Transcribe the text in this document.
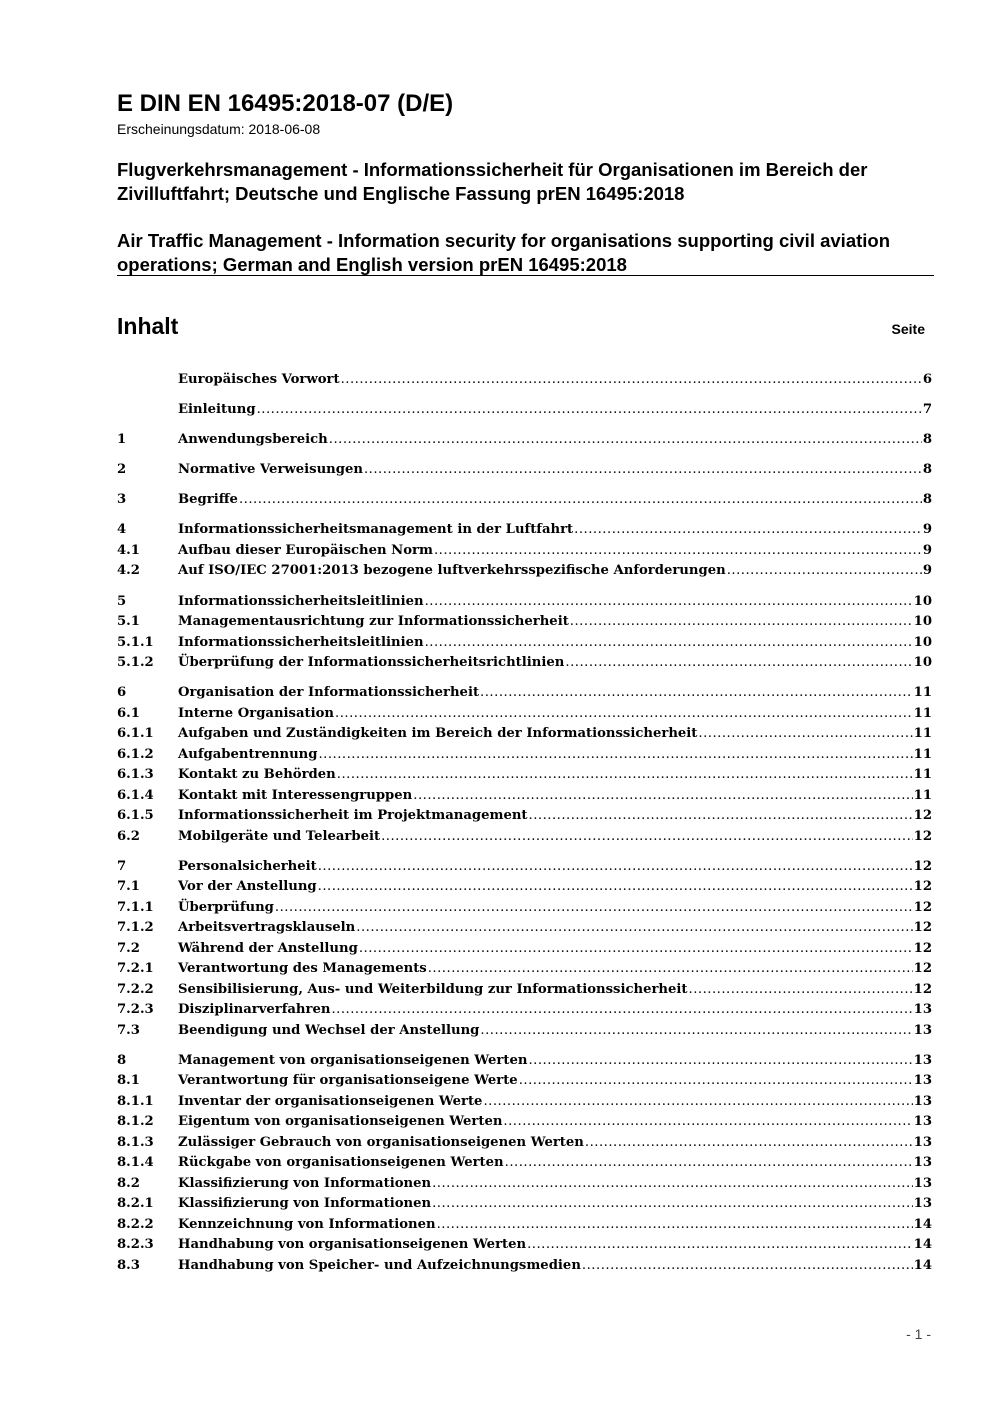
E DIN EN 16495:2018-07 (D/E)
Erscheinungsdatum: 2018-06-08
Flugverkehrsmanagement - Informationssicherheit für Organisationen im Bereich der Zivilluftfahrt; Deutsche und Englische Fassung prEN 16495:2018
Air Traffic Management - Information security for organisations supporting civil aviation operations; German and English version prEN 16495:2018
Inhalt	Seite
Europäisches Vorwort .....	6
Einleitung .....	7
1	Anwendungsbereich .....	8
2	Normative Verweisungen .....	8
3	Begriffe .....	8
4	Informationssicherheitsmanagement in der Luftfahrt .....	9
4.1	Aufbau dieser Europäischen Norm .....	9
4.2	Auf ISO/IEC 27001:2013 bezogene luftverkehrsspezifische Anforderungen .....	9
5	Informationssicherheitsleitlinien .....	10
5.1	Managementausrichtung zur Informationssicherheit .....	10
5.1.1	Informationssicherheitsleitlinien .....	10
5.1.2	Überprüfung der Informationssicherheitsrichtlinien .....	10
6	Organisation der Informationssicherheit .....	11
6.1	Interne Organisation .....	11
6.1.1	Aufgaben und Zuständigkeiten im Bereich der Informationssicherheit .....	11
6.1.2	Aufgabentrennung .....	11
6.1.3	Kontakt zu Behörden .....	11
6.1.4	Kontakt mit Interessengruppen .....	11
6.1.5	Informationssicherheit im Projektmanagement .....	12
6.2	Mobilgeräte und Telearbeit .....	12
7	Personalsicherheit .....	12
7.1	Vor der Anstellung .....	12
7.1.1	Überprüfung .....	12
7.1.2	Arbeitsvertragsklauseln .....	12
7.2	Während der Anstellung .....	12
7.2.1	Verantwortung des Managements .....	12
7.2.2	Sensibilisierung, Aus- und Weiterbildung zur Informationssicherheit .....	12
7.2.3	Disziplinarverfahren .....	13
7.3	Beendigung und Wechsel der Anstellung .....	13
8	Management von organisationseigenen Werten .....	13
8.1	Verantwortung für organisationseigene Werte .....	13
8.1.1	Inventar der organisationseigenen Werte .....	13
8.1.2	Eigentum von organisationseigenen Werten .....	13
8.1.3	Zulässiger Gebrauch von organisationseigenen Werten .....	13
8.1.4	Rückgabe von organisationseigenen Werten .....	13
8.2	Klassifizierung von Informationen .....	13
8.2.1	Klassifizierung von Informationen .....	13
8.2.2	Kennzeichnung von Informationen .....	14
8.2.3	Handhabung von organisationseigenen Werten .....	14
8.3	Handhabung von Speicher- und Aufzeichnungsmedien .....	14
- 1 -
